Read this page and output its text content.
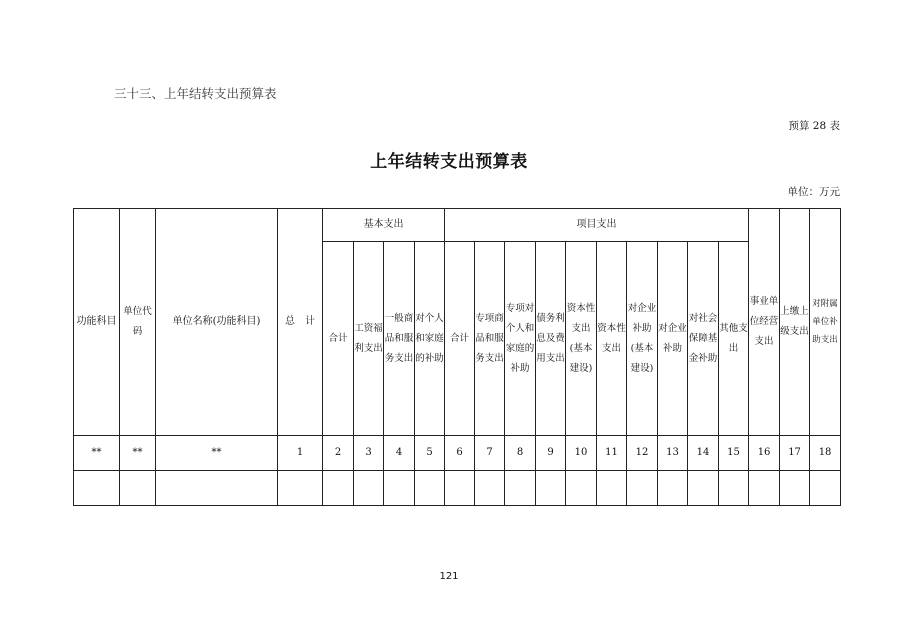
三十三、上年结转支出预算表
预算 28 表
上年结转支出预算表
单位：万元
功能科目	单位代码	单位名称(功能科目)	总　计	基本支出				项目支出										事业单位经营支出	上缴上级支出	对附属单位补助支出
				合计	工资福利支出	一般商品和服务支出	对个人和家庭的补助	合计	专项商品和服务支出	专项对个人和家庭的补助	债务利息及费用支出	资本性支出(基本建设)	资本性支出	对企业补助(基本建设)	对企业补助	对社会保障基金补助	其他支出			
**	**	**	1	2	3	4	5	6	7	8	9	10	11	12	13	14	15	16	17	18

121
